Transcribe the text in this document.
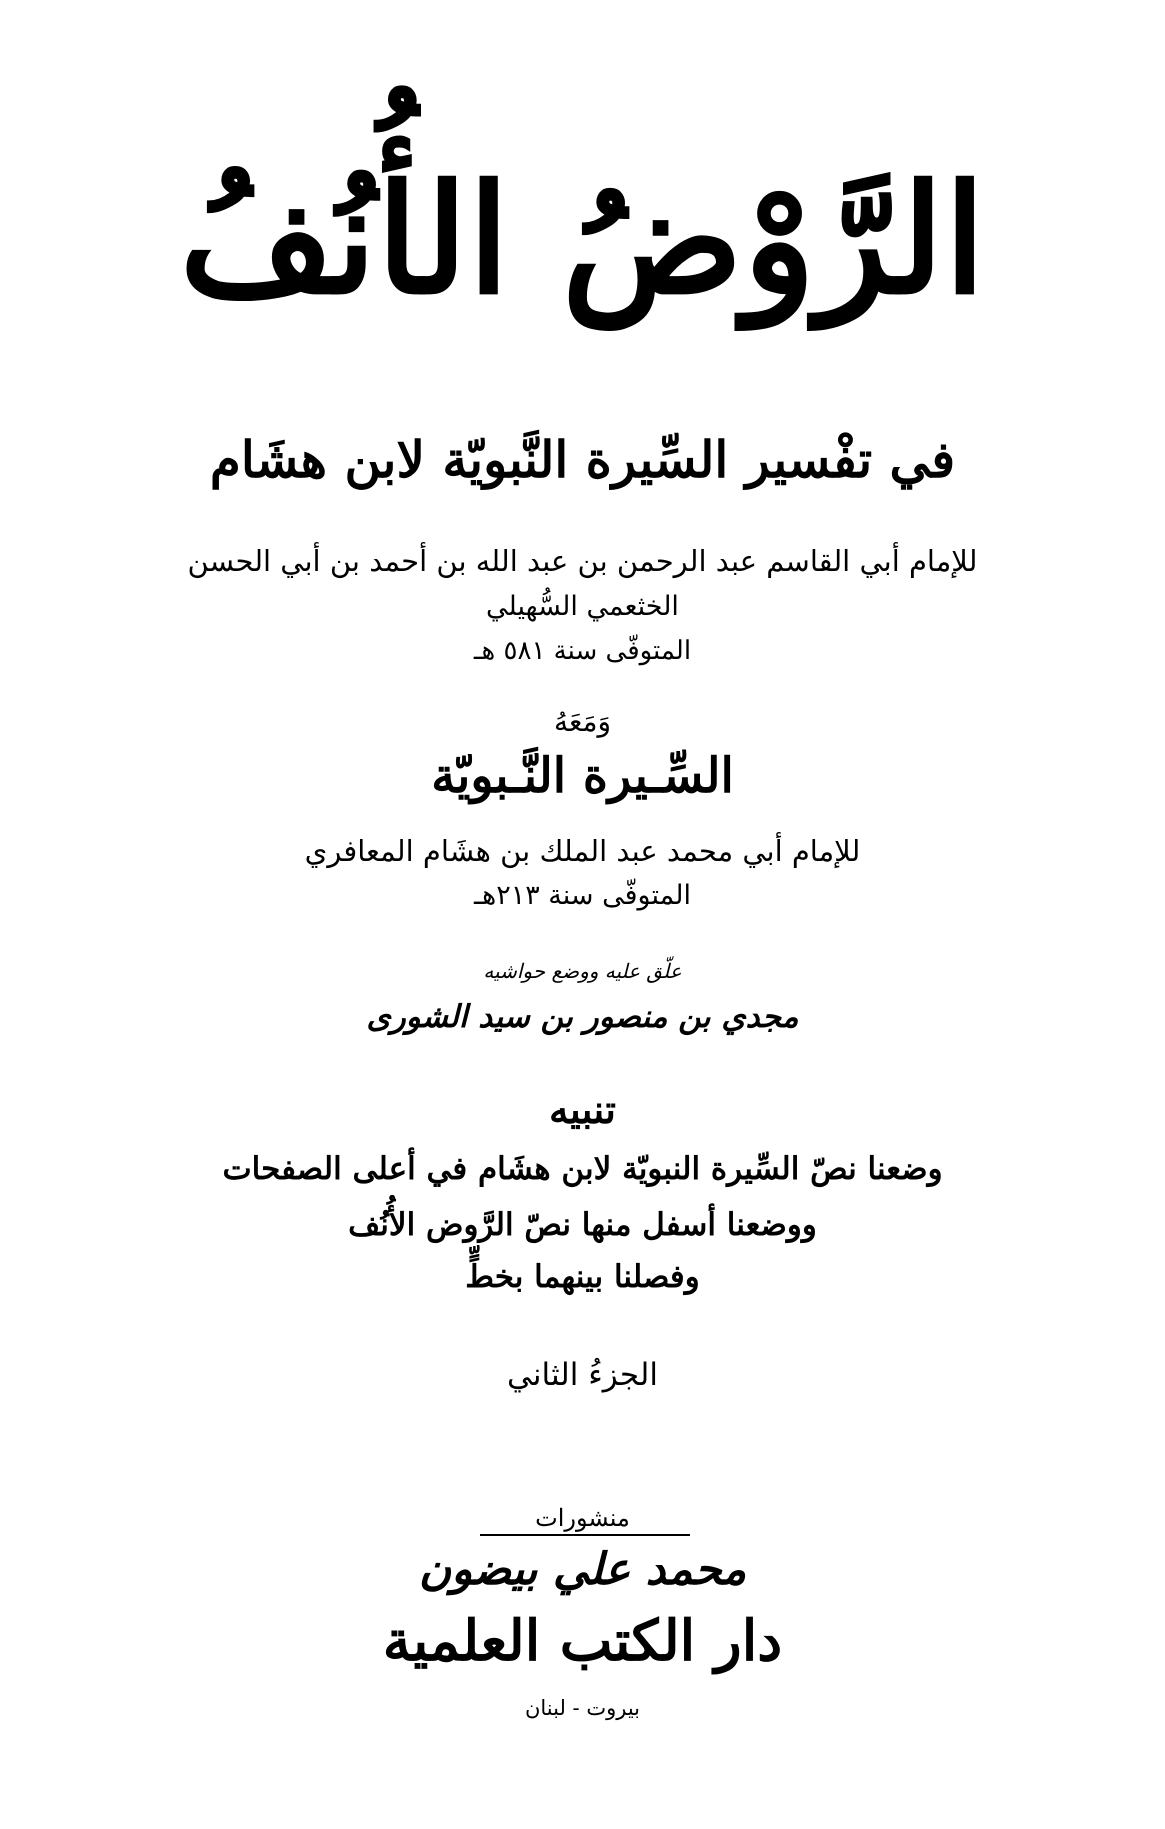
الرَّوْضُ الأُنُفُ
في تفْسير السِّيرة النَّبويّة لابن هشَام
للإمام أبي القاسم عبد الرحمن بن عبد الله بن أحمد بن أبي الحسن
الخثعمي السُّهيلي
المتوفّى سنة ٥٨١ هـ
وَمَعَهُ
السِّـيرة النَّـبويّة
للإمام أبي محمد عبد الملك بن هشَام المعافري
المتوفّى سنة ٢١٣هـ
علّق عليه ووضع حواشيه
مجدي بن منصور بن سيد الشورى
تنبيه
وضعنا نصّ السِّيرة النبويّة لابن هشَام في أعلى الصفحات
ووضعنا أسفل منها نصّ الرَّوض الأُنُف
وفصلنا بينهما بخطٍّ
الجزءُ الثاني
منشورات
محمد علي بيضون
دار الكتب العلمية
بيروت - لبنان
